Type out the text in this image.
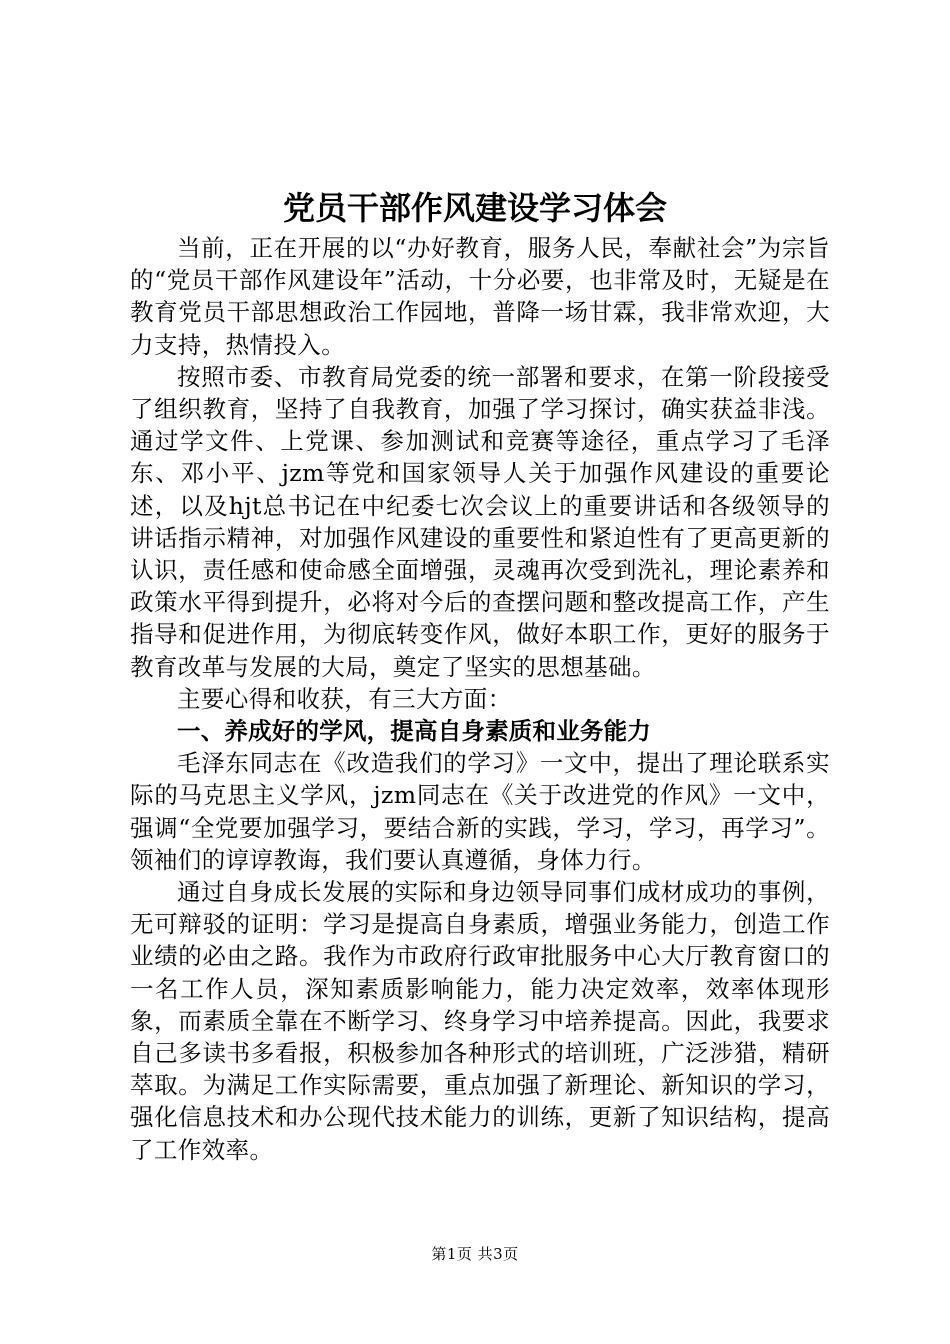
党员干部作风建设学习体会

当前，正在开展的以“办好教育，服务人民，奉献社会”为宗旨的“党员干部作风建设年”活动，十分必要，也非常及时，无疑是在教育党员干部思想政治工作园地，普降一场甘霖，我非常欢迎，大力支持，热情投入。

按照市委、市教育局党委的统一部署和要求，在第一阶段接受了组织教育，坚持了自我教育，加强了学习探讨，确实获益非浅。通过学文件、上党课、参加测试和竞赛等途径，重点学习了毛泽东、邓小平、jzm等党和国家领导人关于加强作风建设的重要论述，以及hjt总书记在中纪委七次会议上的重要讲话和各级领导的讲话指示精神，对加强作风建设的重要性和紧迫性有了更高更新的认识，责任感和使命感全面增强，灵魂再次受到洗礼，理论素养和政策水平得到提升，必将对今后的查摆问题和整改提高工作，产生指导和促进作用，为彻底转变作风，做好本职工作，更好的服务于教育改革与发展的大局，奠定了坚实的思想基础。

主要心得和收获，有三大方面：

一、养成好的学风，提高自身素质和业务能力

毛泽东同志在《改造我们的学习》一文中，提出了理论联系实际的马克思主义学风，jzm同志在《关于改进党的作风》一文中，强调“全党要加强学习，要结合新的实践，学习，学习，再学习”。领袖们的谆谆教诲，我们要认真遵循，身体力行。

通过自身成长发展的实际和身边领导同事们成材成功的事例，无可辩驳的证明：学习是提高自身素质，增强业务能力，创造工作业绩的必由之路。我作为市政府行政审批服务中心大厅教育窗口的一名工作人员，深知素质影响能力，能力决定效率，效率体现形象，而素质全靠在不断学习、终身学习中培养提高。因此，我要求自己多读书多看报，积极参加各种形式的培训班，广泛涉猎，精研萃取。为满足工作实际需要，重点加强了新理论、新知识的学习，强化信息技术和办公现代技术能力的训练，更新了知识结构，提高了工作效率。

第1页 共3页
